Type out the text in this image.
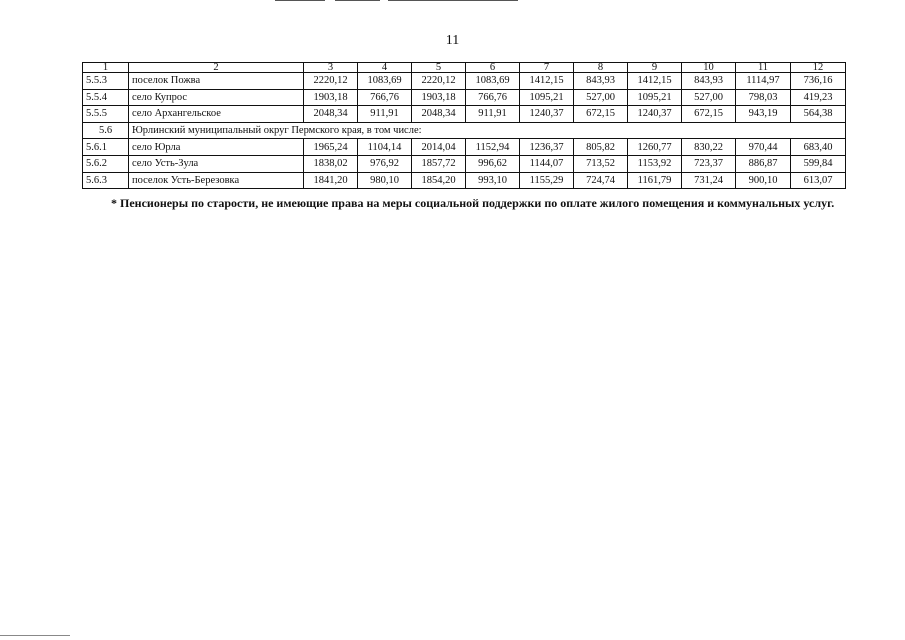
11
1	2	3	4	5	6	7	8	9	10	11	12
5.5.3	поселок Пожва	2220,12	1083,69	2220,12	1083,69	1412,15	843,93	1412,15	843,93	1114,97	736,16
5.5.4	село Купрос	1903,18	766,76	1903,18	766,76	1095,21	527,00	1095,21	527,00	798,03	419,23
5.5.5	село Архангельское	2048,34	911,91	2048,34	911,91	1240,37	672,15	1240,37	672,15	943,19	564,38
5.6	Юрлинский муниципальный округ Пермского края, в том числе:										
5.6.1	село Юрла	1965,24	1104,14	2014,04	1152,94	1236,37	805,82	1260,77	830,22	970,44	683,40
5.6.2	село Усть-Зула	1838,02	976,92	1857,72	996,62	1144,07	713,52	1153,92	723,37	886,87	599,84
5.6.3	поселок Усть-Березовка	1841,20	980,10	1854,20	993,10	1155,29	724,74	1161,79	731,24	900,10	613,07
* Пенсионеры по старости, не имеющие права на меры социальной поддержки по оплате жилого помещения и коммунальных услуг.
